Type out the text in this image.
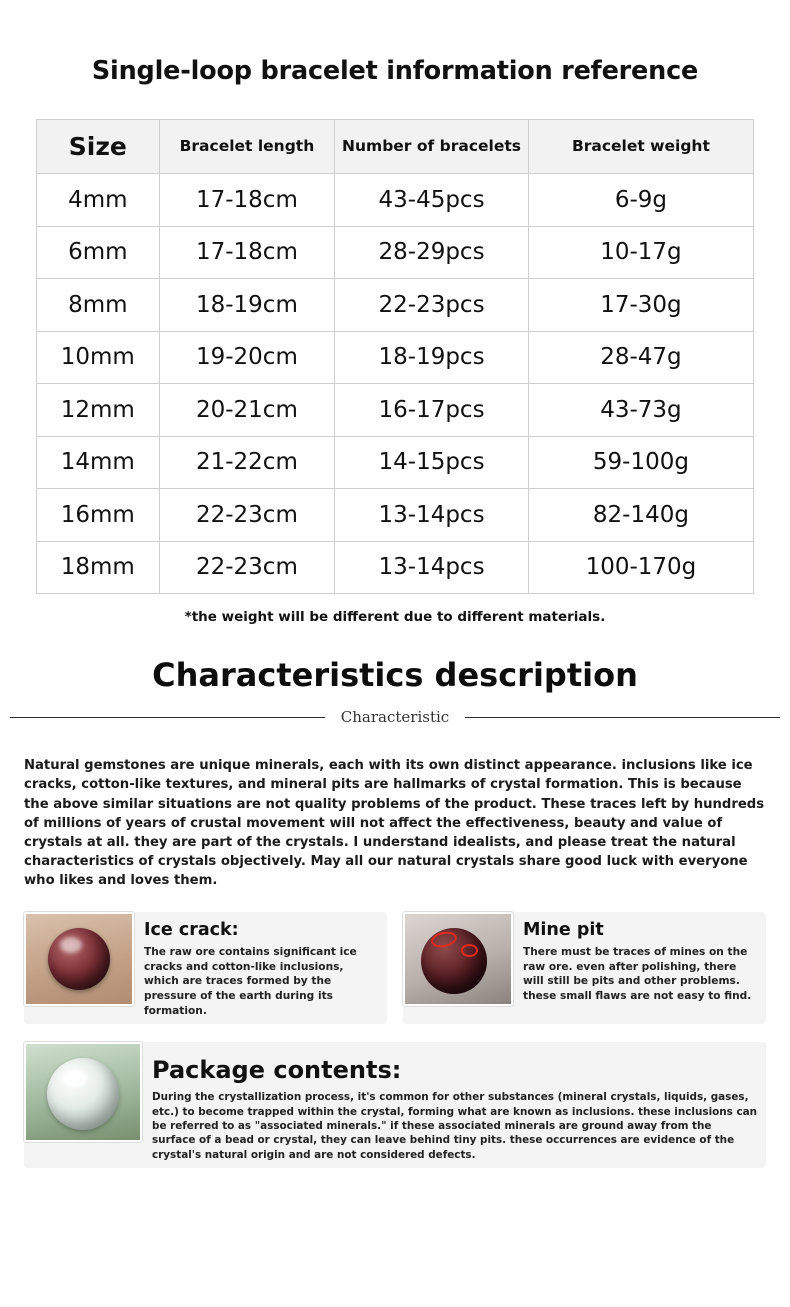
Single-loop bracelet information reference
Size	Bracelet length	Number of bracelets	Bracelet weight
4mm	17-18cm	43-45pcs	6-9g
6mm	17-18cm	28-29pcs	10-17g
8mm	18-19cm	22-23pcs	17-30g
10mm	19-20cm	18-19pcs	28-47g
12mm	20-21cm	16-17pcs	43-73g
14mm	21-22cm	14-15pcs	59-100g
16mm	22-23cm	13-14pcs	82-140g
18mm	22-23cm	13-14pcs	100-170g
*the weight will be different due to different materials.
Characteristics description
Characteristic

Natural gemstones are unique minerals, each with its own distinct appearance. inclusions like ice cracks, cotton-like textures, and mineral pits are hallmarks of crystal formation. This is because the above similar situations are not quality problems of the product. These traces left by hundreds of millions of years of crustal movement will not affect the effectiveness, beauty and value of crystals at all. they are part of the crystals. I understand idealists, and please treat the natural characteristics of crystals objectively. May all our natural crystals share good luck with everyone who likes and loves them.

Ice crack:

The raw ore contains significant ice cracks and cotton-like inclusions, which are traces formed by the pressure of the earth during its formation.

Mine pit

There must be traces of mines on the raw ore. even after polishing, there will still be pits and other problems. these small flaws are not easy to find.

Package contents:

During the crystallization process, it's common for other substances (mineral crystals, liquids, gases, etc.) to become trapped within the crystal, forming what are known as inclusions. these inclusions can be referred to as "associated minerals." if these associated minerals are ground away from the surface of a bead or crystal, they can leave behind tiny pits. these occurrences are evidence of the crystal's natural origin and are not considered defects.
